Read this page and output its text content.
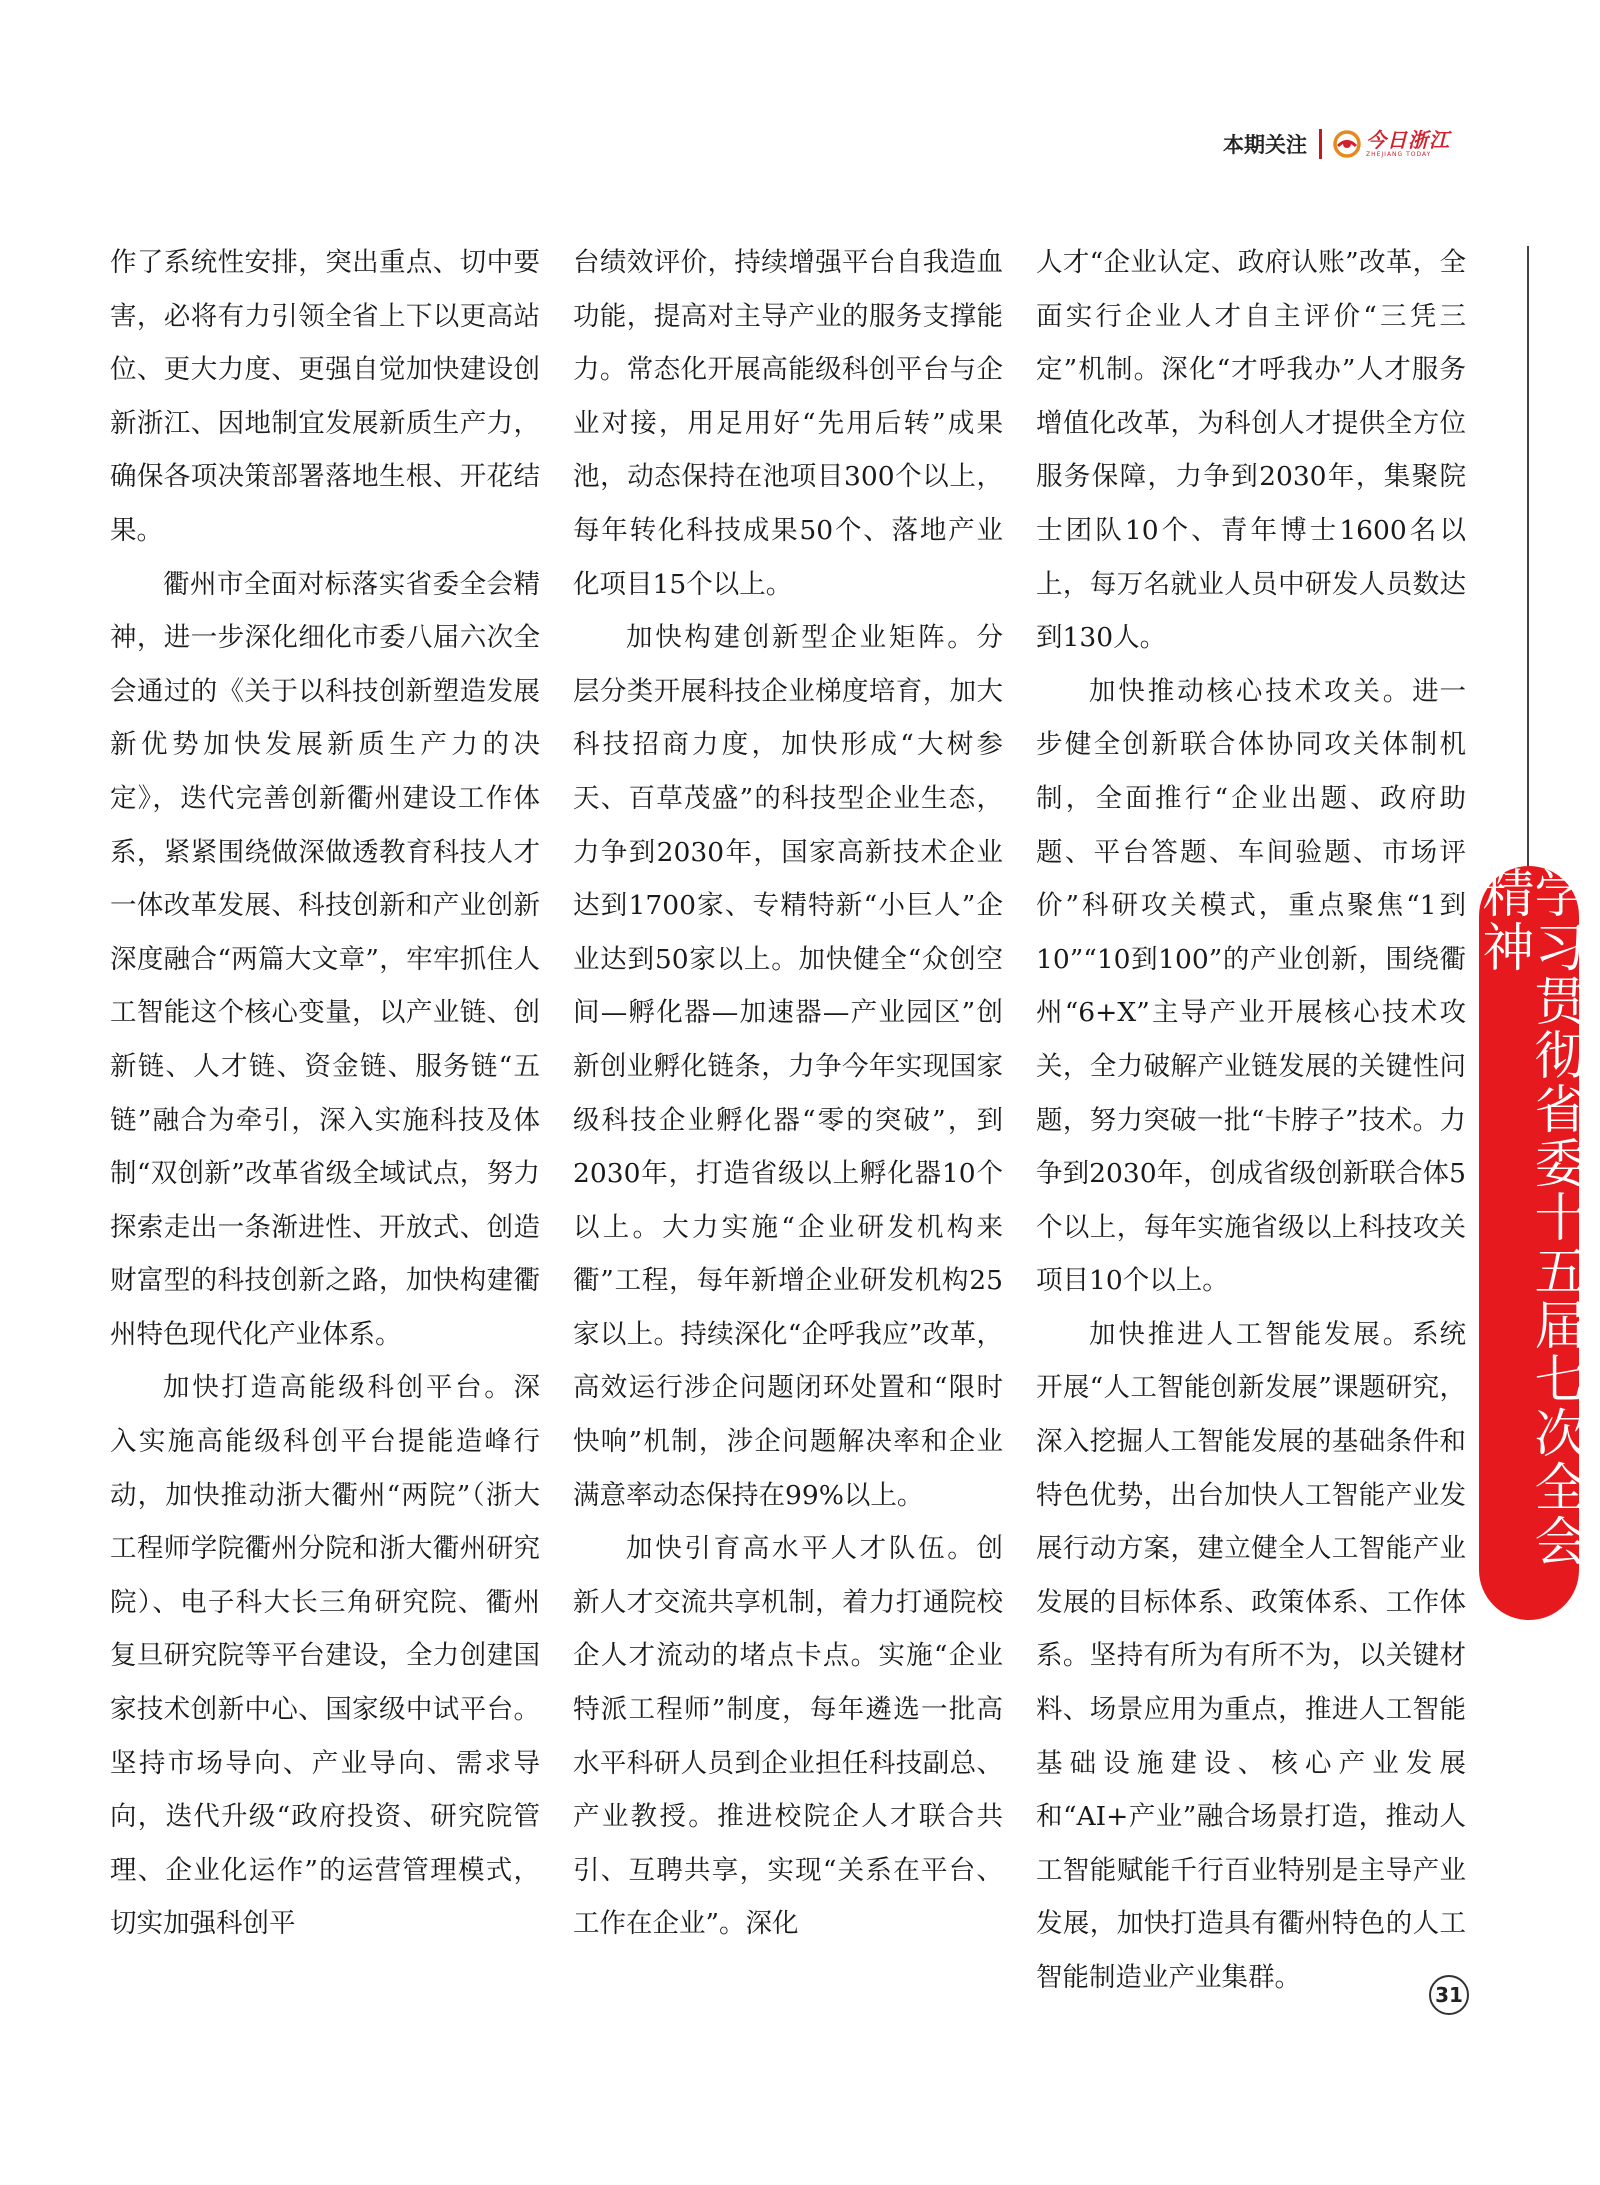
本期关注	今日浙江
ZHEJIANG TODAY

作了系统性安排，突出重点、切中要害，必将有力引领全省上下以更高站位、更大力度、更强自觉加快建设创新浙江、因地制宜发展新质生产力，确保各项决策部署落地生根、开花结果。

衢州市全面对标落实省委全会精神，进一步深化细化市委八届六次全会通过的《关于以科技创新塑造发展新优势加快发展新质生产力的决定》，迭代完善创新衢州建设工作体系，紧紧围绕做深做透教育科技人才一体改革发展、科技创新和产业创新深度融合“两篇大文章”，牢牢抓住人工智能这个核心变量，以产业链、创新链、人才链、资金链、服务链“五链”融合为牵引，深入实施科技及体制“双创新”改革省级全域试点，努力探索走出一条渐进性、开放式、创造财富型的科技创新之路，加快构建衢州特色现代化产业体系。

加快打造高能级科创平台。深入实施高能级科创平台提能造峰行动，加快推动浙大衢州“两院”（浙大工程师学院衢州分院和浙大衢州研究院）、电子科大长三角研究院、衢州复旦研究院等平台建设，全力创建国家技术创新中心、国家级中试平台。坚持市场导向、产业导向、需求导向，迭代升级“政府投资、研究院管理、企业化运作”的运营管理模式，切实加强科创平

台绩效评价，持续增强平台自我造血功能，提高对主导产业的服务支撑能力。常态化开展高能级科创平台与企业对接，用足用好“先用后转”成果池，动态保持在池项目300个以上，每年转化科技成果50个、落地产业化项目15个以上。

加快构建创新型企业矩阵。分层分类开展科技企业梯度培育，加大科技招商力度，加快形成“大树参天、百草茂盛”的科技型企业生态，力争到2030年，国家高新技术企业达到1700家、专精特新“小巨人”企业达到50家以上。加快健全“众创空间—孵化器—加速器—产业园区”创新创业孵化链条，力争今年实现国家级科技企业孵化器“零的突破”，到2030年，打造省级以上孵化器10个以上。大力实施“企业研发机构来衢”工程，每年新增企业研发机构25家以上。持续深化“企呼我应”改革，高效运行涉企问题闭环处置和“限时快响”机制，涉企问题解决率和企业满意率动态保持在99%以上。

加快引育高水平人才队伍。创新人才交流共享机制，着力打通院校企人才流动的堵点卡点。实施“企业特派工程师”制度，每年遴选一批高水平科研人员到企业担任科技副总、产业教授。推进校院企人才联合共引、互聘共享，实现“关系在平台、工作在企业”。深化

人才“企业认定、政府认账”改革，全面实行企业人才自主评价“三凭三定”机制。深化“才呼我办”人才服务增值化改革，为科创人才提供全方位服务保障，力争到2030年，集聚院士团队10个、青年博士1600名以上，每万名就业人员中研发人员数达到130人。

加快推动核心技术攻关。进一步健全创新联合体协同攻关体制机制，全面推行“企业出题、政府助题、平台答题、车间验题、市场评价”科研攻关模式，重点聚焦“1到10”“10到100”的产业创新，围绕衢州“6+X”主导产业开展核心技术攻关，全力破解产业链发展的关键性问题，努力突破一批“卡脖子”技术。力争到2030年，创成省级创新联合体5个以上，每年实施省级以上科技攻关项目10个以上。

加快推进人工智能发展。系统开展“人工智能创新发展”课题研究，深入挖掘人工智能发展的基础条件和特色优势，出台加快人工智能产业发展行动方案，建立健全人工智能产业发展的目标体系、政策体系、工作体系。坚持有所为有所不为，以关键材料、场景应用为重点，推进人工智能基础设施建设、核心产业发展和“AI+产业”融合场景打造，推动人工智能赋能千行百业特别是主导产业发展，加快打造具有衢州特色的人工智能制造业产业集群。

学习贯彻省委十五届七次全会精神
31
